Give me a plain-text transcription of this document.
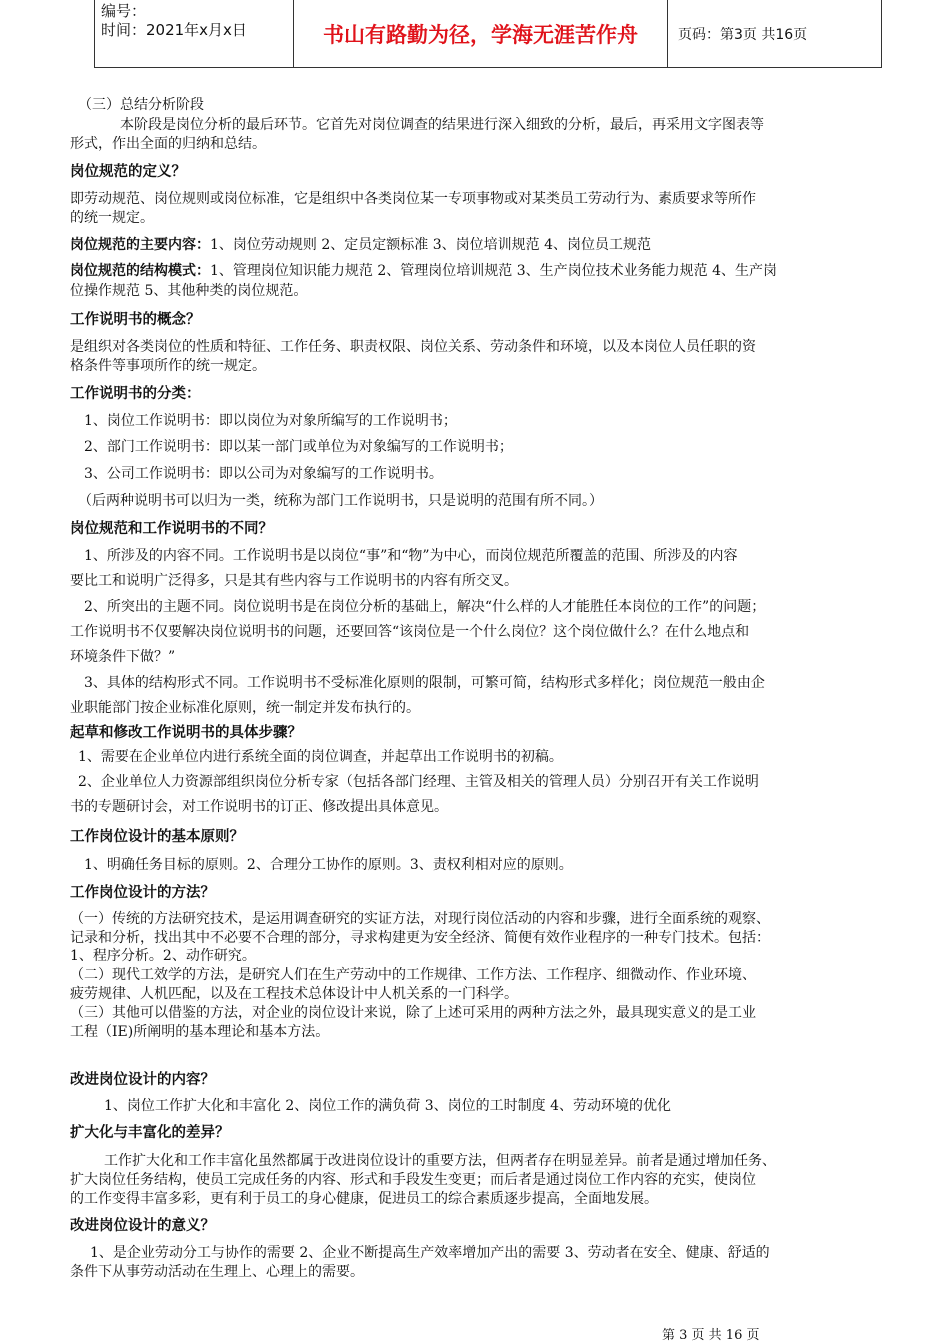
编号：
时间：2021年x月x日	书山有路勤为径，学海无涯苦作舟	页码：第3页 共16页
（三）总结分析阶段
本阶段是岗位分析的最后环节。它首先对岗位调查的结果进行深入细致的分析，最后，再采用文字图表等
形式，作出全面的归纳和总结。
岗位规范的定义？
即劳动规范、岗位规则或岗位标准，它是组织中各类岗位某一专项事物或对某类员工劳动行为、素质要求等所作
的统一规定。
岗位规范的主要内容：1、岗位劳动规则 2、定员定额标准 3、岗位培训规范 4、岗位员工规范
岗位规范的结构模式：1、管理岗位知识能力规范 2、管理岗位培训规范 3、生产岗位技术业务能力规范 4、生产岗
位操作规范 5、其他种类的岗位规范。
工作说明书的概念？
是组织对各类岗位的性质和特征、工作任务、职责权限、岗位关系、劳动条件和环境，以及本岗位人员任职的资
格条件等事项所作的统一规定。
工作说明书的分类：
1、岗位工作说明书：即以岗位为对象所编写的工作说明书；
2、部门工作说明书：即以某一部门或单位为对象编写的工作说明书；
3、公司工作说明书：即以公司为对象编写的工作说明书。
（后两种说明书可以归为一类，统称为部门工作说明书，只是说明的范围有所不同。）
岗位规范和工作说明书的不同？
1、所涉及的内容不同。工作说明书是以岗位“事”和“物”为中心，而岗位规范所覆盖的范围、所涉及的内容
要比工和说明广泛得多，只是其有些内容与工作说明书的内容有所交叉。
2、所突出的主题不同。岗位说明书是在岗位分析的基础上，解决“什么样的人才能胜任本岗位的工作”的问题；
工作说明书不仅要解决岗位说明书的问题，还要回答“该岗位是一个什么岗位？这个岗位做什么？在什么地点和
环境条件下做？”
3、具体的结构形式不同。工作说明书不受标准化原则的限制，可繁可简，结构形式多样化；岗位规范一般由企
业职能部门按企业标准化原则，统一制定并发布执行的。
起草和修改工作说明书的具体步骤？
1、需要在企业单位内进行系统全面的岗位调查，并起草出工作说明书的初稿。
2、企业单位人力资源部组织岗位分析专家（包括各部门经理、主管及相关的管理人员）分别召开有关工作说明
书的专题研讨会，对工作说明书的订正、修改提出具体意见。
工作岗位设计的基本原则？
1、明确任务目标的原则。2、合理分工协作的原则。3、责权利相对应的原则。
工作岗位设计的方法？
（一）传统的方法研究技术，是运用调查研究的实证方法，对现行岗位活动的内容和步骤，进行全面系统的观察、
记录和分析，找出其中不必要不合理的部分，寻求构建更为安全经济、简便有效作业程序的一种专门技术。包括：
1、程序分析。2、动作研究。
（二）现代工效学的方法，是研究人们在生产劳动中的工作规律、工作方法、工作程序、细微动作、作业环境、
疲劳规律、人机匹配，以及在工程技术总体设计中人机关系的一门科学。
（三）其他可以借鉴的方法，对企业的岗位设计来说，除了上述可采用的两种方法之外，最具现实意义的是工业
工程（IE)所阐明的基本理论和基本方法。
改进岗位设计的内容？
1、岗位工作扩大化和丰富化 2、岗位工作的满负荷 3、岗位的工时制度 4、劳动环境的优化
扩大化与丰富化的差异？
工作扩大化和工作丰富化虽然都属于改进岗位设计的重要方法，但两者存在明显差异。前者是通过增加任务、
扩大岗位任务结构，使员工完成任务的内容、形式和手段发生变更；而后者是通过岗位工作内容的充实，使岗位
的工作变得丰富多彩，更有利于员工的身心健康，促进员工的综合素质逐步提高，全面地发展。
改进岗位设计的意义？
1、是企业劳动分工与协作的需要 2、企业不断提高生产效率增加产出的需要 3、劳动者在安全、健康、舒适的
条件下从事劳动活动在生理上、心理上的需要。
第 3 页 共 16 页
